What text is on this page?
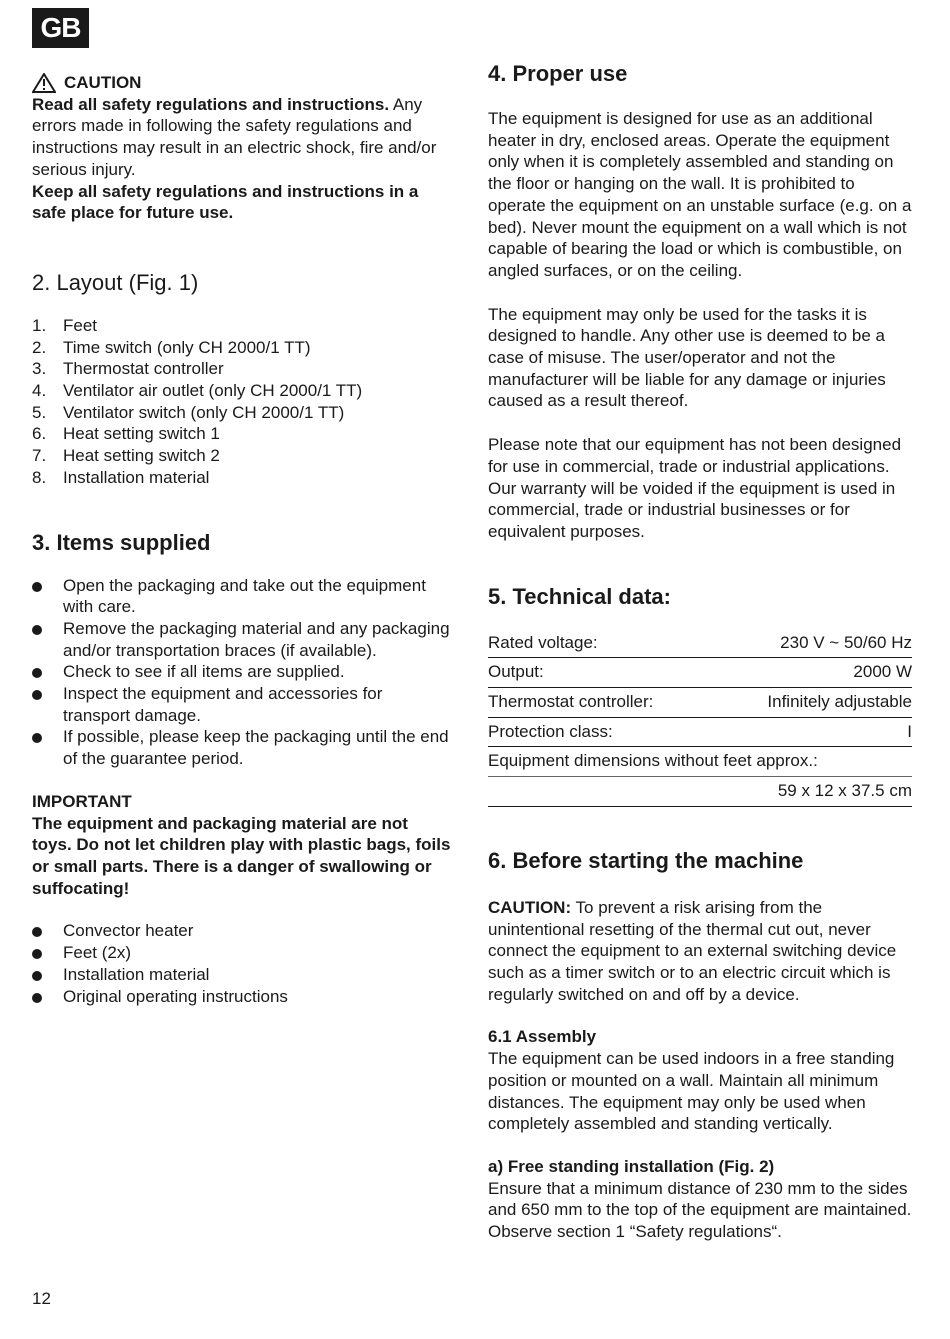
GB
CAUTION

Read all safety regulations and instructions. Any errors made in following the safety regulations and instructions may result in an electric shock, fire and/or serious injury.

Keep all safety regulations and instructions in a safe place for future use.

2. Layout (Fig. 1)
1. Feet
2. Time switch (only CH 2000/1 TT)
3. Thermostat controller
4. Ventilator air outlet (only CH 2000/1 TT)
5. Ventilator switch (only CH 2000/1 TT)
6. Heat setting switch 1
7. Heat setting switch 2
8. Installation material
3. Items supplied
Open the packaging and take out the equipment with care.
Remove the packaging material and any packaging and/or transportation braces (if available).
Check to see if all items are supplied.
Inspect the equipment and accessories for transport damage.
If possible, please keep the packaging until the end of the guarantee period.

IMPORTANT

The equipment and packaging material are not toys. Do not let children play with plastic bags, foils or small parts. There is a danger of swallowing or suffocating!

Convector heater
Feet (2x)
Installation material
Original operating instructions
4. Proper use

The equipment is designed for use as an additional heater in dry, enclosed areas. Operate the equipment only when it is completely assembled and standing on the floor or hanging on the wall. It is prohibited to operate the equipment on an unstable surface (e.g. on a bed). Never mount the equipment on a wall which is not capable of bearing the load or which is combustible, on angled surfaces, or on the ceiling.

The equipment may only be used for the tasks it is designed to handle. Any other use is deemed to be a case of misuse. The user/operator and not the manufacturer will be liable for any damage or injuries caused as a result thereof.

Please note that our equipment has not been designed for use in commercial, trade or industrial applications. Our warranty will be voided if the equipment is used in commercial, trade or industrial businesses or for equivalent purposes.

5. Technical data:
Rated voltage:	230 V ~ 50/60 Hz
Output:	2000 W
Thermostat controller:	Infinitely adjustable
Protection class:	I
Equipment dimensions without feet approx.:	
59 x 12 x 37.5 cm	
6. Before starting the machine

CAUTION: To prevent a risk arising from the unintentional resetting of the thermal cut out, never connect the equipment to an external switching device such as a timer switch or to an electric circuit which is regularly switched on and off by a device.

6.1 Assembly

The equipment can be used indoors in a free standing position or mounted on a wall. Maintain all minimum distances. The equipment may only be used when completely assembled and standing vertically.

a) Free standing installation (Fig. 2)

Ensure that a minimum distance of 230 mm to the sides and 650 mm to the top of the equipment are maintained. Observe section 1 “Safety regulations“.

12
